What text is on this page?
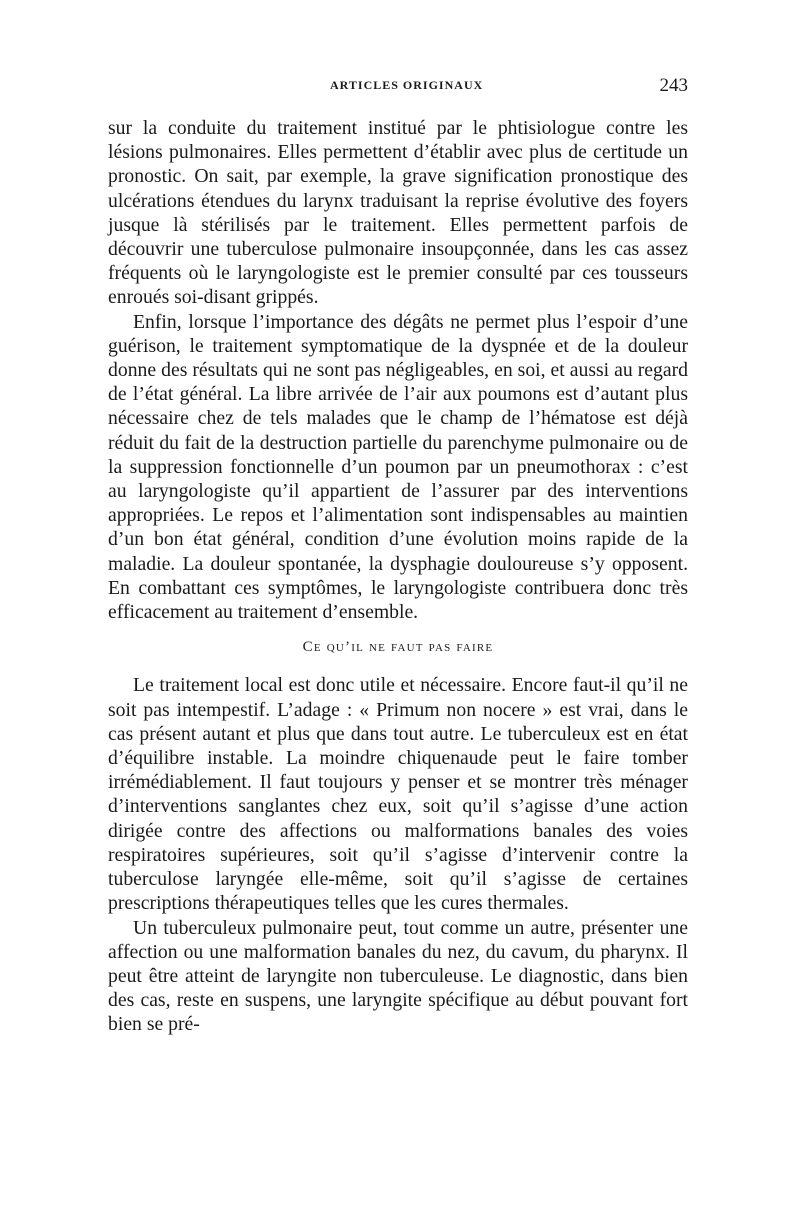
ARTICLES ORIGINAUX	243

sur la conduite du traitement institué par le phtisiologue contre les lésions pulmonaires. Elles permettent d’établir avec plus de certitude un pronostic. On sait, par exemple, la grave signification pronostique des ulcérations étendues du larynx traduisant la reprise évolutive des foyers jusque là stérilisés par le traitement. Elles permettent parfois de découvrir une tuberculose pulmonaire insoupçonnée, dans les cas assez fréquents où le laryngologiste est le premier consulté par ces tousseurs enroués soi-disant grippés.

Enfin, lorsque l’importance des dégâts ne permet plus l’espoir d’une guérison, le traitement symptomatique de la dyspnée et de la douleur donne des résultats qui ne sont pas négligeables, en soi, et aussi au regard de l’état général. La libre arrivée de l’air aux poumons est d’autant plus nécessaire chez de tels malades que le champ de l’hématose est déjà réduit du fait de la destruction partielle du parenchyme pulmonaire ou de la suppression fonctionnelle d’un poumon par un pneumothorax : c’est au laryngologiste qu’il appartient de l’assurer par des interventions appropriées. Le repos et l’alimentation sont indispensables au maintien d’un bon état général, condition d’une évolution moins rapide de la maladie. La douleur spontanée, la dysphagie douloureuse s’y opposent. En combattant ces symptômes, le laryngologiste contribuera donc très efficacement au traitement d’ensemble.

Ce qu’il ne faut pas faire

Le traitement local est donc utile et nécessaire. Encore faut-il qu’il ne soit pas intempestif. L’adage : « Primum non nocere » est vrai, dans le cas présent autant et plus que dans tout autre. Le tuberculeux est en état d’équilibre instable. La moindre chiquenaude peut le faire tomber irrémédiablement. Il faut toujours y penser et se montrer très ménager d’interventions sanglantes chez eux, soit qu’il s’agisse d’une action dirigée contre des affections ou malformations banales des voies respiratoires supérieures, soit qu’il s’agisse d’intervenir contre la tuberculose laryngée elle-même, soit qu’il s’agisse de certaines prescriptions thérapeutiques telles que les cures thermales.

Un tuberculeux pulmonaire peut, tout comme un autre, présenter une affection ou une malformation banales du nez, du cavum, du pharynx. Il peut être atteint de laryngite non tuberculeuse. Le diagnostic, dans bien des cas, reste en suspens, une laryngite spécifique au début pouvant fort bien se pré-
